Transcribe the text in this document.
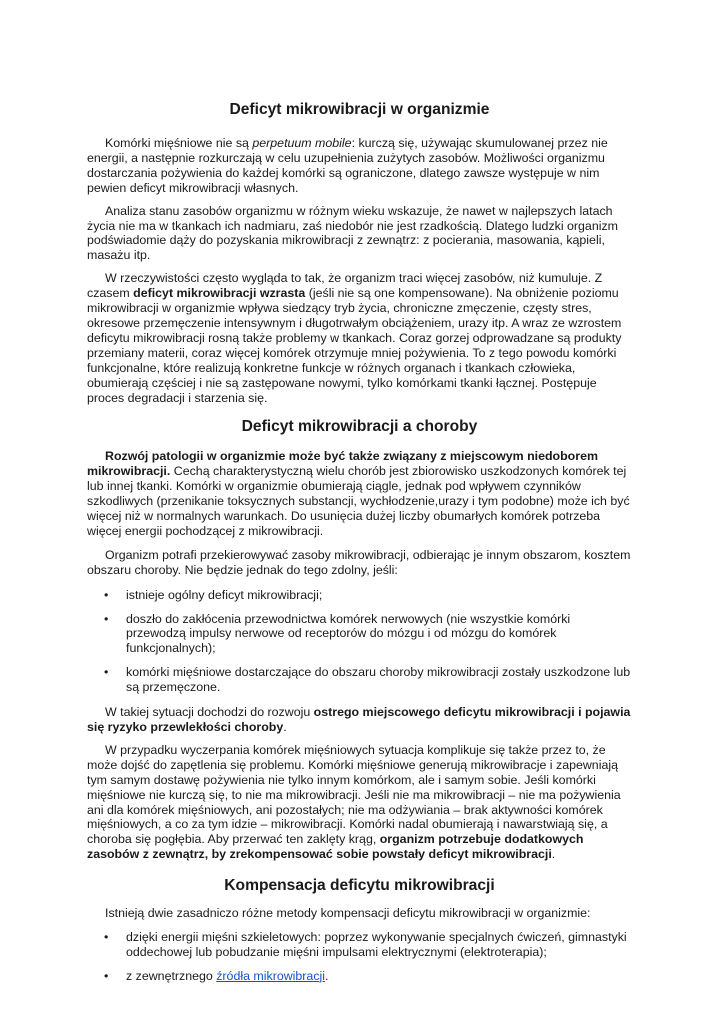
Deficyt mikrowibracji w organizmie

Komórki mięśniowe nie są perpetuum mobile: kurczą się, używając skumulowanej przez nie energii, a następnie rozkurczają w celu uzupełnienia zużytych zasobów. Możliwości organizmu dostarczania pożywienia do każdej komórki są ograniczone, dlatego zawsze występuje w nim pewien deficyt mikrowibracji własnych.

Analiza stanu zasobów organizmu w różnym wieku wskazuje, że nawet w najlepszych latach życia nie ma w tkankach ich nadmiaru, zaś niedobór nie jest rzadkością. Dlatego ludzki organizm podświadomie dąży do pozyskania mikrowibracji z zewnątrz: z pocierania, masowania, kąpieli, masażu itp.

W rzeczywistości często wygląda to tak, że organizm traci więcej zasobów, niż kumuluje. Z czasem deficyt mikrowibracji wzrasta (jeśli nie są one kompensowane). Na obniżenie poziomu mikrowibracji w organizmie wpływa siedzący tryb życia, chroniczne zmęczenie, częsty stres, okresowe przemęczenie intensywnym i długotrwałym obciążeniem, urazy itp. A wraz ze wzrostem deficytu mikrowibracji rosną także problemy w tkankach. Coraz gorzej odprowadzane są produkty przemiany materii, coraz więcej komórek otrzymuje mniej pożywienia. To z tego powodu komórki funkcjonalne, które realizują konkretne funkcje w różnych organach i tkankach człowieka, obumierają częściej i nie są zastępowane nowymi, tylko komórkami tkanki łącznej. Postępuje proces degradacji i starzenia się.

Deficyt mikrowibracji a choroby

Rozwój patologii w organizmie może być także związany z miejscowym niedoborem mikrowibracji. Cechą charakterystyczną wielu chorób jest zbiorowisko uszkodzonych komórek tej lub innej tkanki. Komórki w organizmie obumierają ciągle, jednak pod wpływem czynników szkodliwych (przenikanie toksycznych substancji, wychłodzenie,urazy i tym podobne) może ich być więcej niż w normalnych warunkach. Do usunięcia dużej liczby obumarłych komórek potrzeba więcej energii pochodzącej z mikrowibracji.

Organizm potrafi przekierowywać zasoby mikrowibracji, odbierając je innym obszarom, kosztem obszaru choroby. Nie będzie jednak do tego zdolny, jeśli:

• istnieje ogólny deficyt mikrowibracji;
• doszło do zakłócenia przewodnictwa komórek nerwowych (nie wszystkie komórki przewodzą impulsy nerwowe od receptorów do mózgu i od mózgu do komórek funkcjonalnych);
• komórki mięśniowe dostarczające do obszaru choroby mikrowibracji zostały uszkodzone lub są przemęczone.

W takiej sytuacji dochodzi do rozwoju ostrego miejscowego deficytu mikrowibracji i pojawia się ryzyko przewlekłości choroby.

W przypadku wyczerpania komórek mięśniowych sytuacja komplikuje się także przez to, że może dojść do zapętlenia się problemu. Komórki mięśniowe generują mikrowibracje i zapewniają tym samym dostawę pożywienia nie tylko innym komórkom, ale i samym sobie. Jeśli komórki mięśniowe nie kurczą się, to nie ma mikrowibracji. Jeśli nie ma mikrowibracji – nie ma pożywienia ani dla komórek mięśniowych, ani pozostałych; nie ma odżywiania – brak aktywności komórek mięśniowych, a co za tym idzie – mikrowibracji. Komórki nadal obumierają i nawarstwiają się, a choroba się pogłębia. Aby przerwać ten zaklęty krąg, organizm potrzebuje dodatkowych zasobów z zewnątrz, by zrekompensować sobie powstały deficyt mikrowibracji.

Kompensacja deficytu mikrowibracji

Istnieją dwie zasadniczo różne metody kompensacji deficytu mikrowibracji w organizmie:

• dzięki energii mięśni szkieletowych: poprzez wykonywanie specjalnych ćwiczeń, gimnastyki oddechowej lub pobudzanie mięśni impulsami elektrycznymi (elektroterapia);
• z zewnętrznego źródła mikrowibracji.
